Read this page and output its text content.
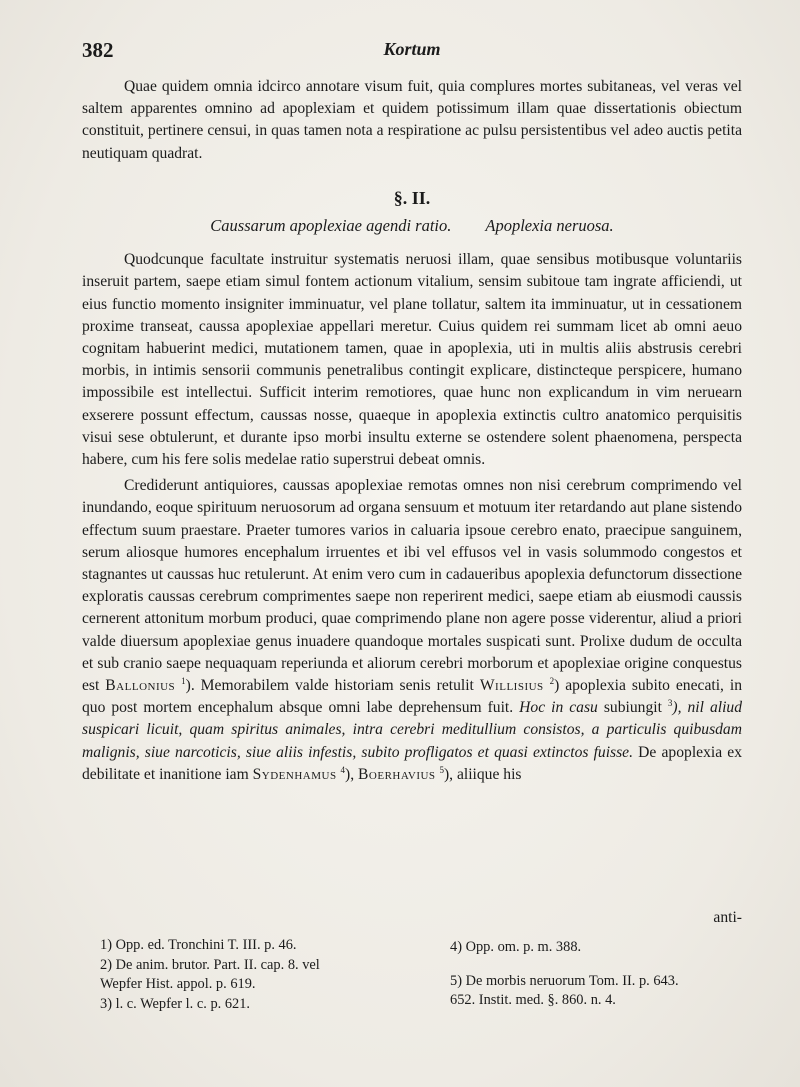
382	Kortum

Quae quidem omnia idcirco annotare visum fuit, quia complures mortes subitaneas, vel veras vel saltem apparentes omnino ad apoplexiam et quidem potissimum illam quae dissertationis obiectum constituit, pertinere censui, in quas tamen nota a respiratione ac pulsu persistentibus vel adeo auctis petita neutiquam quadrat.

§. II.
Caussarum apoplexiae agendi ratio. Apoplexia neruosa.

Quodcunque facultate instruitur systematis neruosi illam, quae sensibus motibusque voluntariis inseruit partem, saepe etiam simul fontem actionum vitalium, sensim subitoue tam ingrate afficiendi, ut eius functio momento insigniter imminuatur, vel plane tollatur, saltem ita imminuatur, ut in cessationem proxime transeat, caussa apoplexiae appellari meretur. Cuius quidem rei summam licet ab omni aeuo cognitam habuerint medici, mutationem tamen, quae in apoplexia, uti in multis aliis abstrusis cerebri morbis, in intimis sensorii communis penetralibus contingit explicare, distincteque perspicere, humano impossibile est intellectui. Sufficit interim remotiores, quae hunc non explicandum in vim neruearn exserere possunt effectum, caussas nosse, quaeque in apoplexia extinctis cultro anatomico perquisitis visui sese obtulerunt, et durante ipso morbi insultu externe se ostendere solent phaenomena, perspecta habere, cum his fere solis medelae ratio superstrui debeat omnis.

Crediderunt antiquiores, caussas apoplexiae remotas omnes non nisi cerebrum comprimendo vel inundando, eoque spirituum neruosorum ad organa sensuum et motuum iter retardando aut plane sistendo effectum suum praestare. Praeter tumores varios in caluaria ipsoue cerebro enato, praecipue sanguinem, serum aliosque humores encephalum irruentes et ibi vel effusos vel in vasis solummodo congestos et stagnantes ut caussas huc retulerunt. At enim vero cum in cadaueribus apoplexia defunctorum dissectione exploratis caussas cerebrum comprimentes saepe non reperirent medici, saepe etiam ab eiusmodi caussis cernerent attonitum morbum produci, quae comprimendo plane non agere posse viderentur, aliud a priori valde diuersum apoplexiae genus inuadere quandoque mortales suspicati sunt. Prolixe dudum de occulta et sub cranio saepe nequaquam reperiunda et aliorum cerebri morborum et apoplexiae origine conquestus est Ballonius $^1$). Memorabilem valde historiam senis retulit Willisius $^2$) apoplexia subito enecati, in quo post mortem encephalum absque omni labe deprehensum fuit. Hoc in casu subiungit $^3$), nil aliud suspicari licuit, quam spiritus animales, intra cerebri meditullium consistos, a particulis quibusdam malignis, siue narcoticis, siue aliis infestis, subito profligatos et quasi extinctos fuisse. De apoplexia ex debilitate et inanitione iam Sydenhamus $^4$), Boerhavius $^5$), aliique his

anti-
1) Opp. ed. Tronchini T. III. p. 46.
2) De anim. brutor. Part. II. cap. 8. vel
Wepfer Hist. appol. p. 619.
3) l. c. Wepfer l. c. p. 621.
4) Opp. om. p. m. 388.
5) De morbis neruorum Tom. II. p. 643.
652. Instit. med. §. 860. n. 4.
